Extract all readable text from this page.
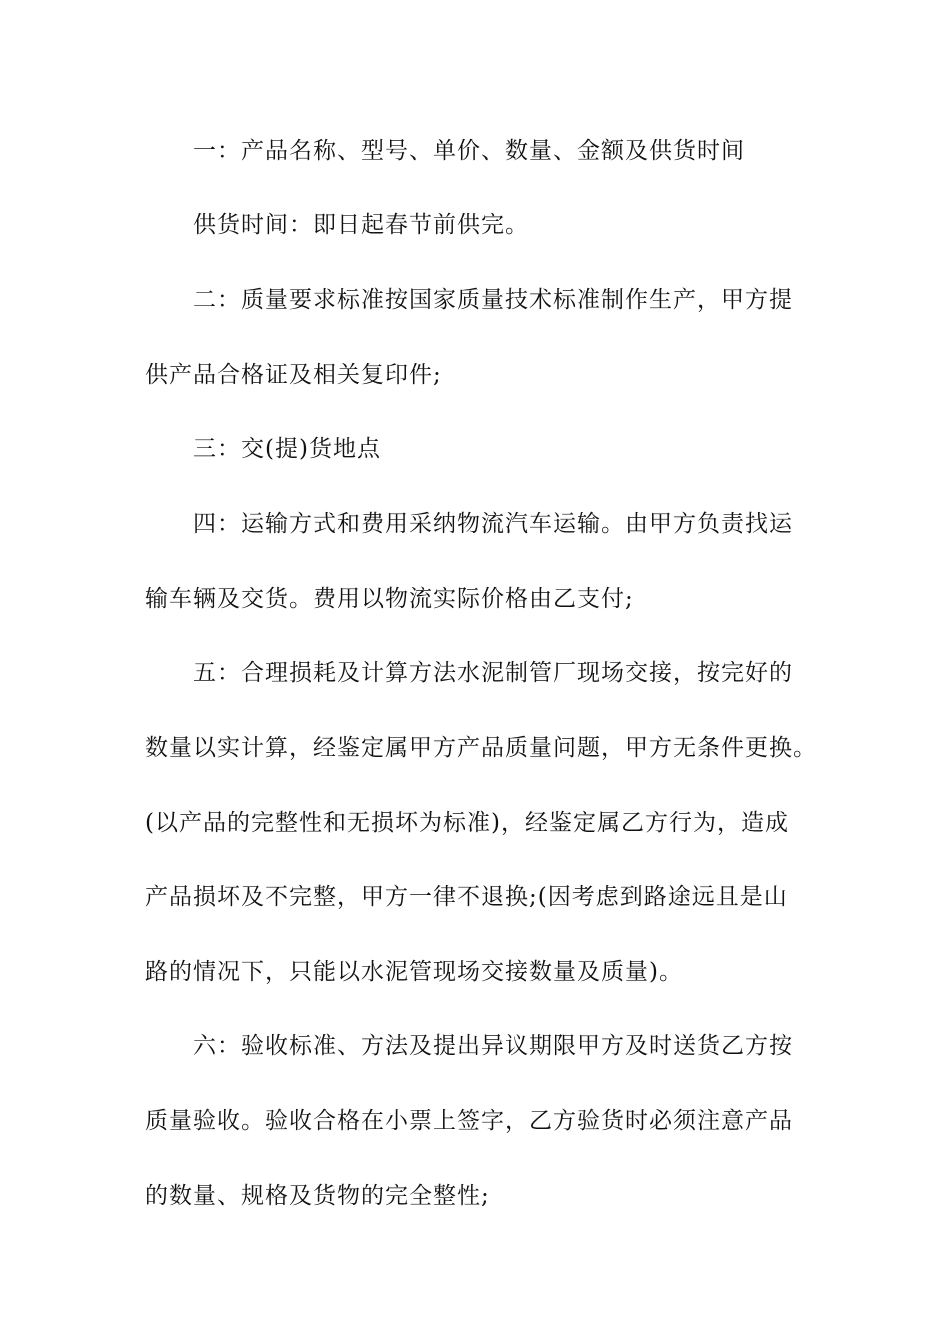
一：产品名称、型号、单价、数量、金额及供货时间
供货时间：即日起春节前供完。
二：质量要求标准按国家质量技术标准制作生产，甲方提
供产品合格证及相关复印件;
三：交(提)货地点
四：运输方式和费用采纳物流汽车运输。由甲方负责找运
输车辆及交货。费用以物流实际价格由乙支付;
五：合理损耗及计算方法水泥制管厂现场交接，按完好的
数量以实计算，经鉴定属甲方产品质量问题，甲方无条件更换。
(以产品的完整性和无损坏为标准)，经鉴定属乙方行为，造成
产品损坏及不完整，甲方一律不退换;(因考虑到路途远且是山
路的情况下，只能以水泥管现场交接数量及质量)。
六：验收标准、方法及提出异议期限甲方及时送货乙方按
质量验收。验收合格在小票上签字，乙方验货时必须注意产品
的数量、规格及货物的完全整性;
